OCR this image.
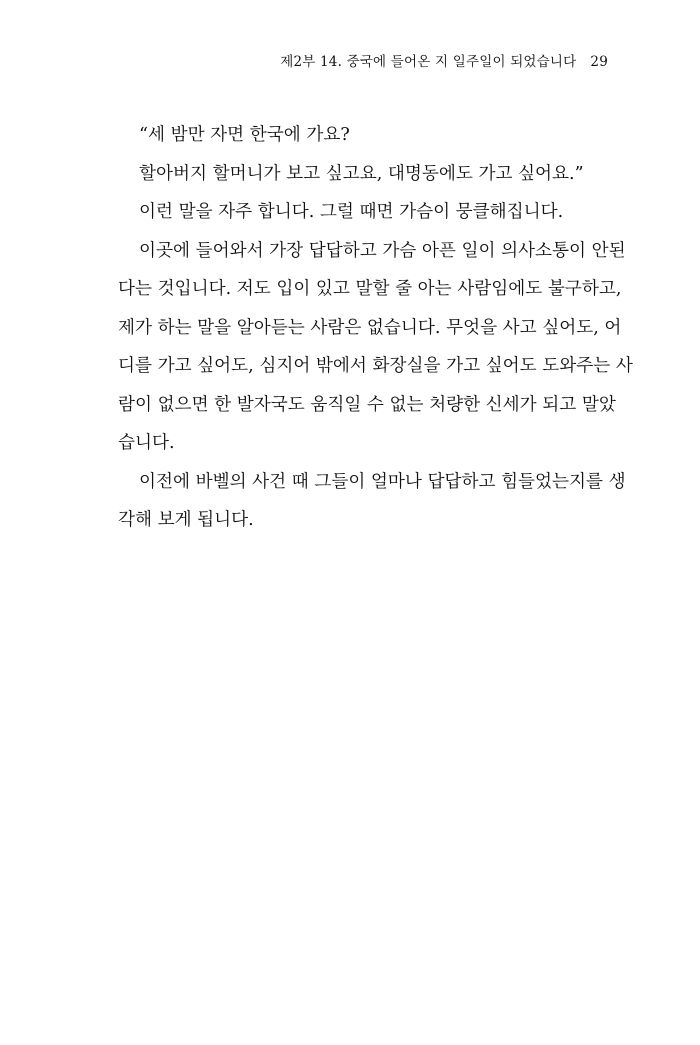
제2부 14. 중국에 들어온 지 일주일이 되었습니다 29
“세 밤만 자면 한국에 가요?
할아버지 할머니가 보고 싶고요, 대명동에도 가고 싶어요.”
이런 말을 자주 합니다. 그럴 때면 가슴이 뭉클해집니다.
이곳에 들어와서 가장 답답하고 가슴 아픈 일이 의사소통이 안된
다는 것입니다. 저도 입이 있고 말할 줄 아는 사람임에도 불구하고,
제가 하는 말을 알아듣는 사람은 없습니다. 무엇을 사고 싶어도, 어
디를 가고 싶어도, 심지어 밖에서 화장실을 가고 싶어도 도와주는 사
람이 없으면 한 발자국도 움직일 수 없는 처량한 신세가 되고 말았
습니다.
이전에 바벨의 사건 때 그들이 얼마나 답답하고 힘들었는지를 생
각해 보게 됩니다.
